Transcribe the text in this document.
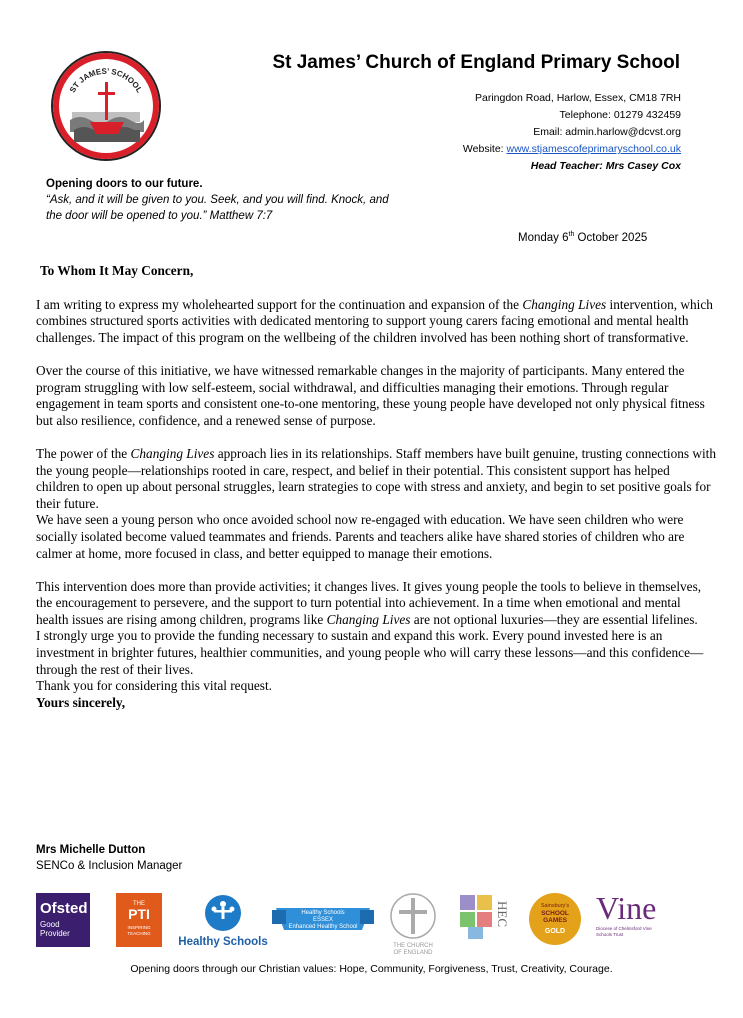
ST JAMES’ SCHOOL
St James’ Church of England Primary School
Paringdon Road, Harlow, Essex, CM18 7RH
Telephone: 01279 432459
Email: admin.harlow@dcvst.org
Website: www.stjamescofeprimaryschool.co.uk
Head Teacher: Mrs Casey Cox
Opening doors to our future.
“Ask, and it will be given to you. Seek, and you will find. Knock, and
the door will be opened to you.” Matthew 7:7
Monday 6th October 2025

To Whom It May Concern,

I am writing to express my wholehearted support for the continuation and expansion of the Changing Lives intervention, which combines structured sports activities with dedicated mentoring to support young carers facing emotional and mental health challenges. The impact of this program on the wellbeing of the children involved has been nothing short of transformative.

Over the course of this initiative, we have witnessed remarkable changes in the majority of participants. Many entered the program struggling with low self-esteem, social withdrawal, and difficulties managing their emotions. Through regular engagement in team sports and consistent one-to-one mentoring, these young people have developed not only physical fitness but also resilience, confidence, and a renewed sense of purpose.

The power of the Changing Lives approach lies in its relationships. Staff members have built genuine, trusting connections with the young people—relationships rooted in care, respect, and belief in their potential. This consistent support has helped children to open up about personal struggles, learn strategies to cope with stress and anxiety, and begin to set positive goals for their future.

We have seen a young person who once avoided school now re-engaged with education. We have seen children who were socially isolated become valued teammates and friends. Parents and teachers alike have shared stories of children who are calmer at home, more focused in class, and better equipped to manage their emotions.

This intervention does more than provide activities; it changes lives. It gives young people the tools to believe in themselves, the encouragement to persevere, and the support to turn potential into achievement. In a time when emotional and mental health issues are rising among children, programs like Changing Lives are not optional luxuries—they are essential lifelines.

I strongly urge you to provide the funding necessary to sustain and expand this work. Every pound invested here is an investment in brighter futures, healthier communities, and young people who will carry these lessons—and this confidence—through the rest of their lives.

Thank you for considering this vital request.

Yours sincerely,

Mrs Michelle Dutton
SENCo & Inclusion Manager
Ofsted
Good
Provider
THE
PTI
INSPIRING TEACHING
Healthy Schools
Healthy Schools
ESSEX
Enhanced Healthy School
THE CHURCH
OF ENGLAND
HEC	Sainsbury’s
SCHOOL GAMES
GOLD
Vine
Diocese of Chelmsford Vine Schools Trust
Opening doors through our Christian values: Hope, Community, Forgiveness, Trust, Creativity, Courage.
